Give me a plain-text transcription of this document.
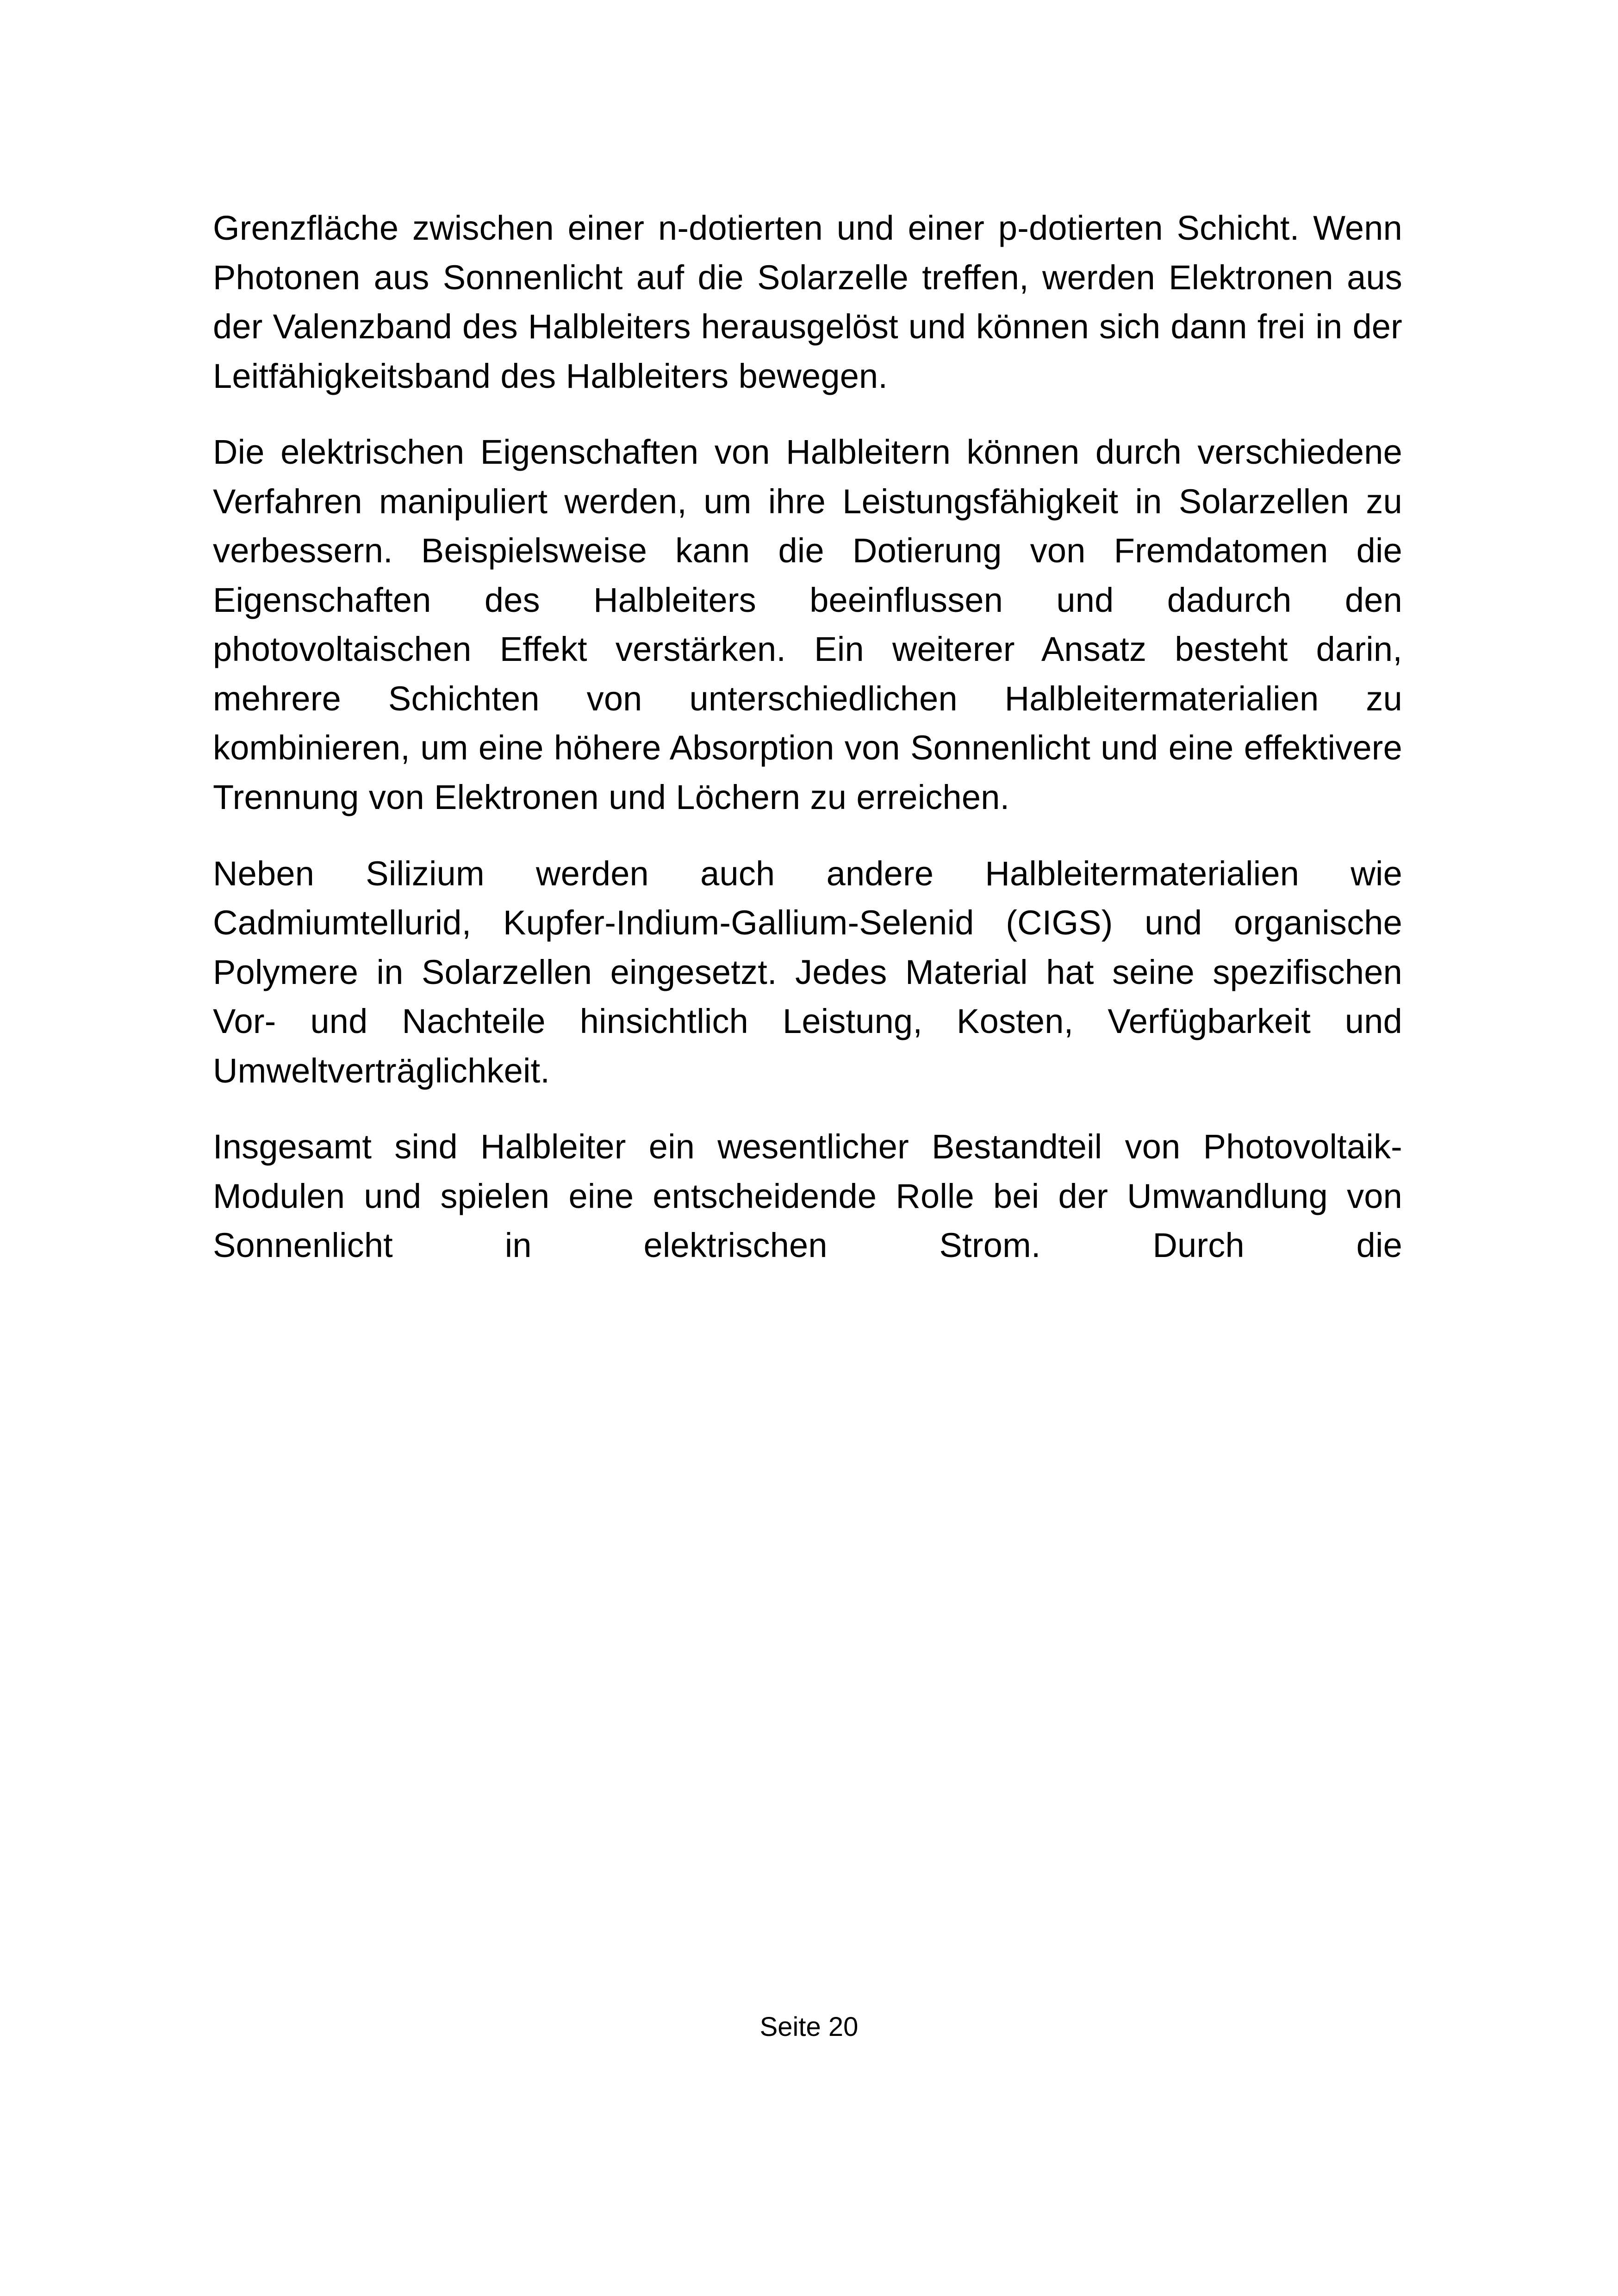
Grenzfläche zwischen einer n-dotierten und einer p-dotierten Schicht. Wenn Photonen aus Sonnenlicht auf die Solarzelle treffen, werden Elektronen aus der Valenzband des Halbleiters herausgelöst und können sich dann frei in der Leitfähigkeitsband des Halbleiters bewegen.

Die elektrischen Eigenschaften von Halbleitern können durch verschiedene Verfahren manipuliert werden, um ihre Leistungsfähigkeit in Solarzellen zu verbessern. Beispielsweise kann die Dotierung von Fremdatomen die Eigenschaften des Halbleiters beeinflussen und dadurch den photovoltaischen Effekt verstärken. Ein weiterer Ansatz besteht darin, mehrere Schichten von unterschiedlichen Halbleitermaterialien zu kombinieren, um eine höhere Absorption von Sonnenlicht und eine effektivere Trennung von Elektronen und Löchern zu erreichen.

Neben Silizium werden auch andere Halbleitermaterialien wie Cadmiumtellurid, Kupfer-Indium-Gallium-Selenid (CIGS) und organische Polymere in Solarzellen eingesetzt. Jedes Material hat seine spezifischen Vor- und Nachteile hinsichtlich Leistung, Kosten, Verfügbarkeit und Umweltverträglichkeit.

Insgesamt sind Halbleiter ein wesentlicher Bestandteil von Photovoltaik-Modulen und spielen eine entscheidende Rolle bei der Umwandlung von Sonnenlicht in elektrischen Strom. Durch die

Seite 20
